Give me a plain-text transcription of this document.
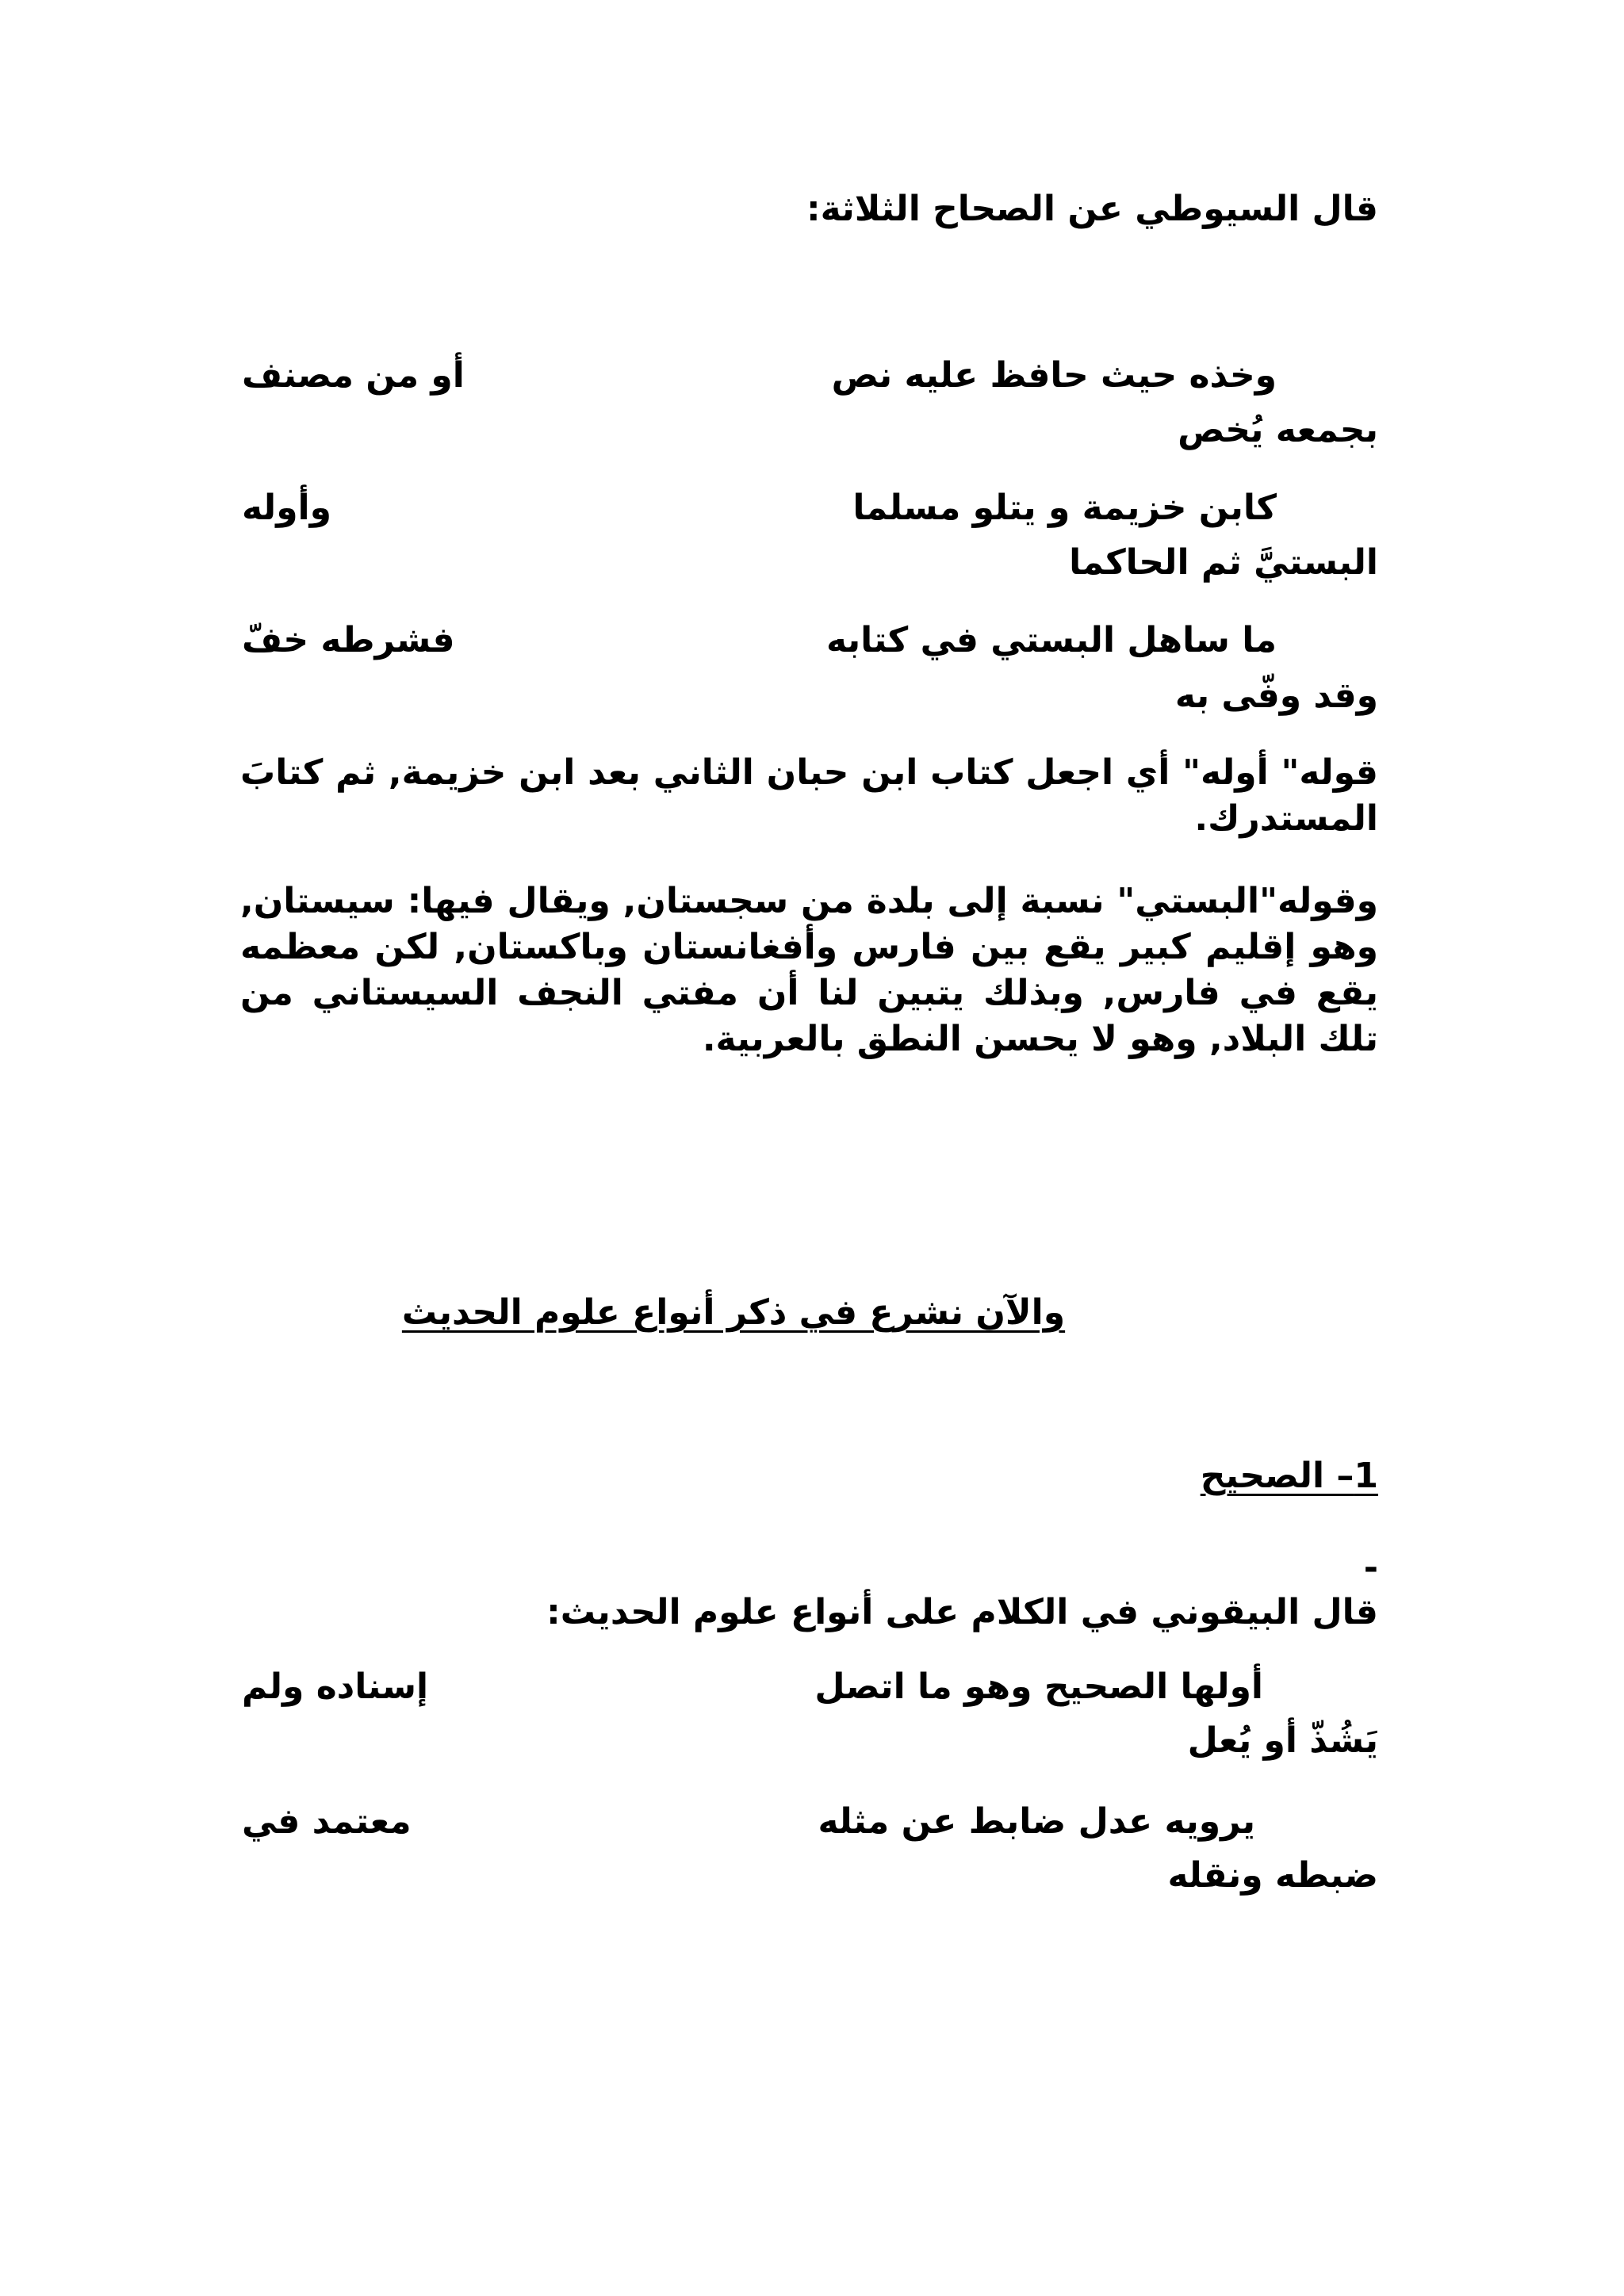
قال السيوطي عن الصحاح الثلاثة:
وخذه حيث حافظ عليه نص
أو من مصنف
بجمعه يُخص
كابن خزيمة و يتلو مسلما
وأوله
البستيَّ ثم الحاكما
ما ساهل البستي في كتابه
فشرطه خفّ
وقد وفّى به
قوله" أوله" أي اجعل كتاب ابن حبان الثاني بعد ابن خزيمة, ثم كتابَ المستدرك.
وقوله"البستي" نسبة إلى بلدة من سجستان, ويقال فيها: سيستان, وهو إقليم كبير يقع بين فارس وأفغانستان وباكستان, لكن معظمه يقع في فارس, وبذلك يتبين لنا أن مفتي النجف السيستاني من تلك البلاد, وهو لا يحسن النطق بالعربية.
والآن نشرع في ذكر أنواع علوم الحديث
1– الصحيح
-
قال البيقوني في الكلام على أنواع علوم الحديث:
أولها الصحيح وهو ما اتصل
إسناده ولم
يَشُذّ أو يُعل
يرويه عدل ضابط عن مثله
معتمد في
ضبطه ونقله
